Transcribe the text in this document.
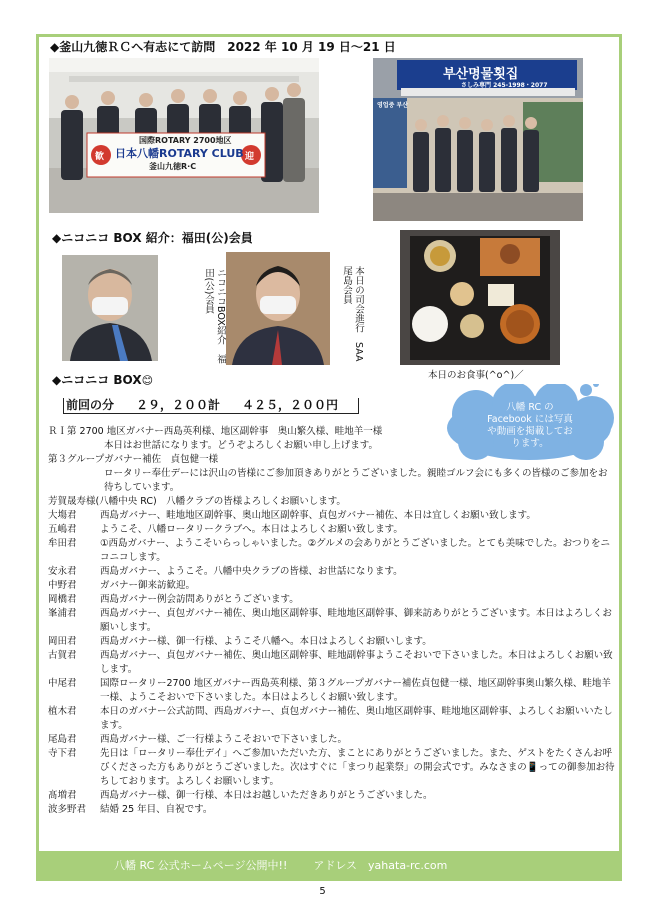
◆釜山九徳ＲＣへ有志にて訪問　2022 年 10 月 19 日〜21 日
国際ROTARY 2700地区
日本八幡ROTARY CLUB
釜山九徳R·C
歓	迎
부산명물횟집
さしみ専門 245-1998・2077
영업중 부산
◆ニコニコ BOX 紹介：福田(公)会員
ニコニコBOX紹介　福田(公)会員	本日の司会進行　SAA　尾島会員
本日のお食事(^o^)／
◆ニコニコ BOX😊
前回の分 ２９，２００計 ４２５，２００円	八幡 RC の
Facebook には写真
や動画を掲載してお
ります。
ＲＩ第 2700 地区ガバナー西島英利様、地区副幹事　奥山繁久様、畦地羊一様
本日はお世話になります。どうぞよろしくお願い申し上げます。
第３グループガバナー補佐　貞包健一様
ロータリー奉仕デーには沢山の皆様にご参加頂きありがとうございました。親睦ゴルフ会にも多くの皆様のご参加をお待ちしています。
芳賀晟寿様(八幡中央 RC)　八幡クラブの皆様よろしくお願いします。
大塲君	西島ガバナー、畦地地区副幹事、奥山地区副幹事、貞包ガバナー補佐、本日は宜しくお願い致します。
五嶋君	ようこそ、八幡ロータリークラブへ。本日はよろしくお願い致します。
牟田君	①西島ガバナー、ようこそいらっしゃいました。②グルメの会ありがとうございました。とても美味でした。おつりをニコニコします。
安永君	西島ガバナー、ようこそ。八幡中央クラブの皆様、お世話になります。
中野君	ガバナー御来訪歓迎。
岡橋君	西島ガバナー例会訪問ありがとうございます。
峯浦君	西島ガバナー、貞包ガバナー補佐、奥山地区副幹事、畦地地区副幹事、御来訪ありがとうございます。本日はよろしくお願いします。
岡田君	西島ガバナー様、御一行様、ようこそ八幡へ。本日はよろしくお願いします。
古賀君	西島ガバナー、貞包ガバナー補佐、奥山地区副幹事、畦地副幹事ようこそおいで下さいました。本日はよろしくお願い致します。
中尾君	国際ロータリー2700 地区ガバナー西島英利様、第３グループガバナー補佐貞包健一様、地区副幹事奥山繁久様、畦地羊一様、ようこそおいで下さいました。本日はよろしくお願い致します。
植木君	本日のガバナー公式訪問、西島ガバナー、貞包ガバナー補佐、奥山地区副幹事、畦地地区副幹事、よろしくお願いいたします。
尾島君	西島ガバナー様、ご一行様ようこそおいで下さいました。
寺下君	先日は「ロータリー奉仕デイ」へご参加いただいた方、まことにありがとうございました。また、ゲストをたくさんお呼びくださった方もありがとうございました。次はすぐに「まつり起業祭」の開会式です。みなさまの📱っての御参加お待ちしております。よろしくお願いします。
髙増君	西島ガバナー様、御一行様、本日はお越しいただきありがとうございました。
波多野君	結婚 25 年目、自祝です。
八幡 RC 公式ホームページ公開中!! アドレス　yahata-rc.com
5
